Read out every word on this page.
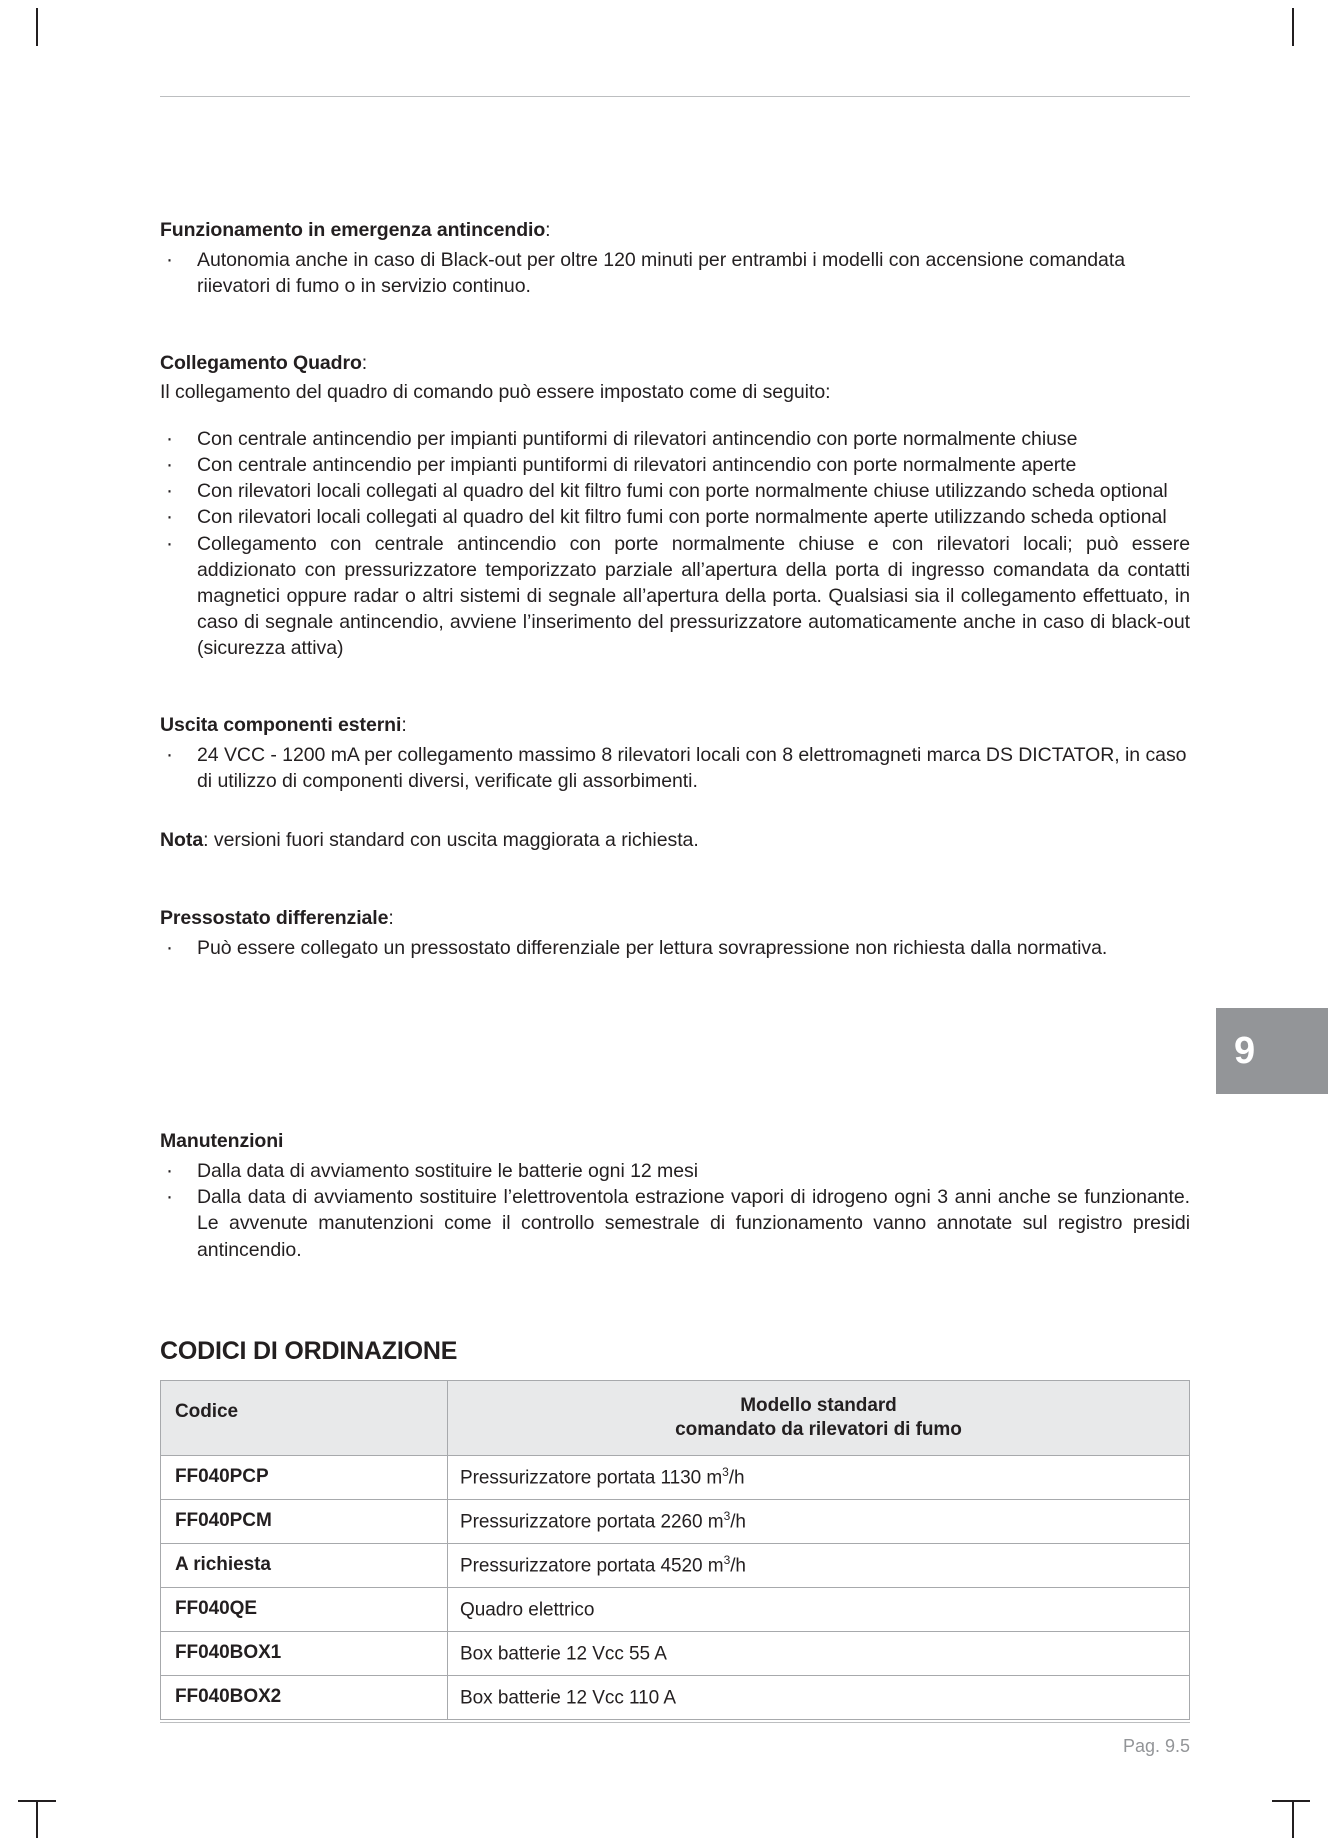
9
Funzionamento in emergenza antincendio:
· Autonomia anche in caso di Black-out per oltre 120 minuti per entrambi i modelli con accensione comandata riievatori di fumo o in servizio continuo.
Collegamento Quadro:

Il collegamento del quadro di comando può essere impostato come di seguito:

· Con centrale antincendio per impianti puntiformi di rilevatori antincendio con porte normalmente chiuse
· Con centrale antincendio per impianti puntiformi di rilevatori antincendio con porte normalmente aperte
· Con rilevatori locali collegati al quadro del kit filtro fumi con porte normalmente chiuse utilizzando scheda optional
· Con rilevatori locali collegati al quadro del kit filtro fumi con porte normalmente aperte utilizzando scheda optional
· Collegamento con centrale antincendio con porte normalmente chiuse e con rilevatori locali; può essere addizionato con pressurizzatore temporizzato parziale all’apertura della porta di ingresso comandata da contatti magnetici oppure radar o altri sistemi di segnale all’apertura della porta. Qualsiasi sia il collegamento effettuato, in caso di segnale antincendio, avviene l’inserimento del pressurizzatore automaticamente anche in caso di black-out (sicurezza attiva)
Uscita componenti esterni:
· 24 VCC - 1200 mA per collegamento massimo 8 rilevatori locali con 8 elettromagneti marca DS DICTATOR, in caso di utilizzo di componenti diversi, verificate gli assorbimenti.

Nota: versioni fuori standard con uscita maggiorata a richiesta.

Pressostato differenziale:
· Può essere collegato un pressostato differenziale per lettura sovrapressione non richiesta dalla normativa.
Manutenzioni
· Dalla data di avviamento sostituire le batterie ogni 12 mesi
· Dalla data di avviamento sostituire l’elettroventola estrazione vapori di idrogeno ogni 3 anni anche se funzionante. Le avvenute manutenzioni come il controllo semestrale di funzionamento vanno annotate sul registro presidi antincendio.
CODICI DI ORDINAZIONE
Codice	Modello standard
comandato da rilevatori di fumo

FF040PCP	Pressurizzatore portata 1130 $m^3/h$
FF040PCM	Pressurizzatore portata 2260 $m^3/h$
A richiesta	Pressurizzatore portata 4520 $m^3/h$
FF040QE	Quadro elettrico
FF040BOX1	Box batterie 12 Vcc 55 A
FF040BOX2	Box batterie 12 Vcc 110 A
Pag. 9.5
